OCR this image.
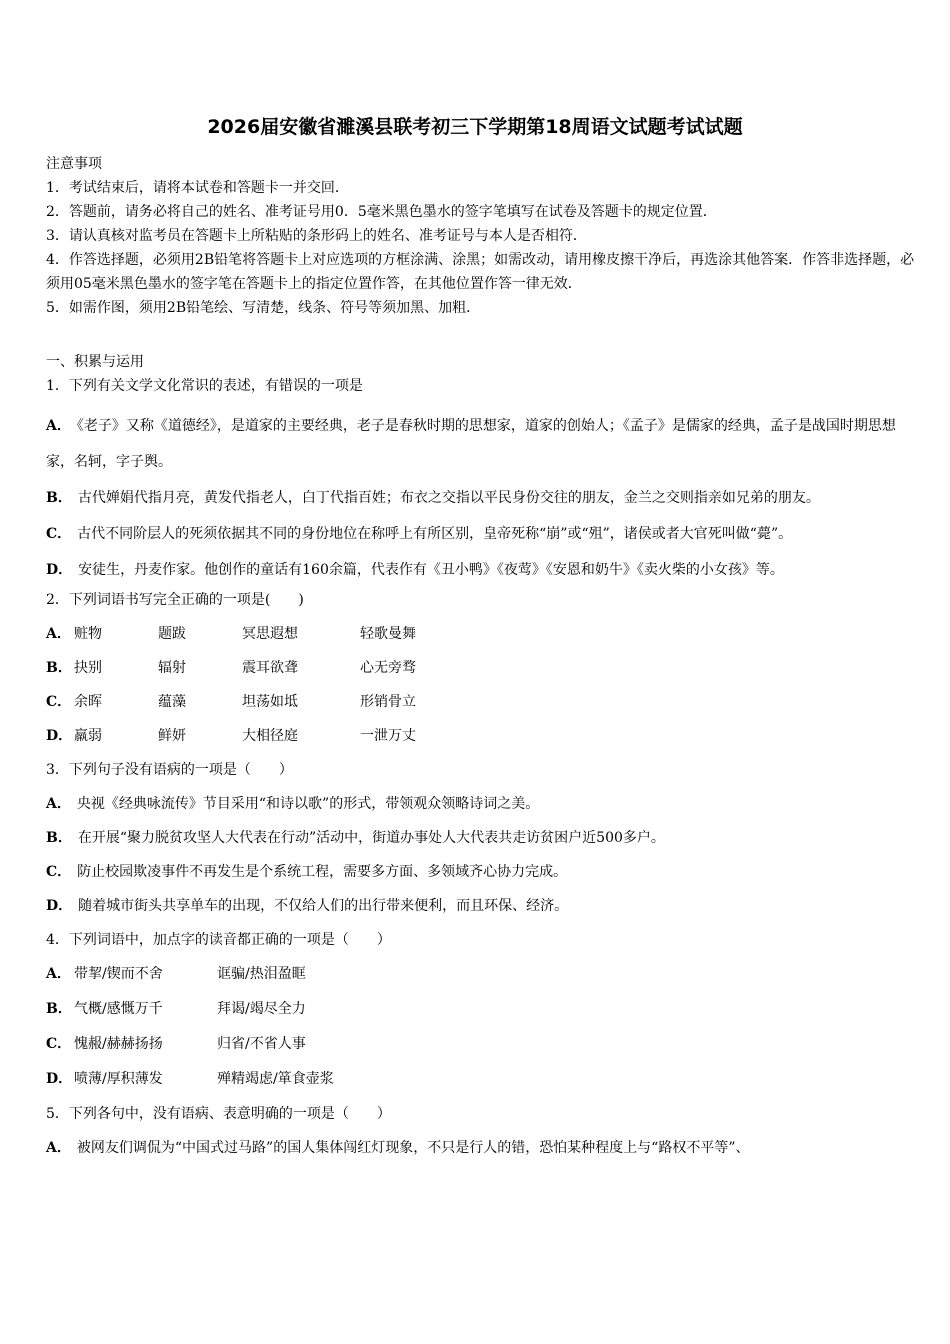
2026届安徽省濉溪县联考初三下学期第18周语文试题考试试题

注意事项

1．考试结束后，请将本试卷和答题卡一并交回．

2．答题前，请务必将自己的姓名、准考证号用0．5毫米黑色墨水的签字笔填写在试卷及答题卡的规定位置．

3．请认真核对监考员在答题卡上所粘贴的条形码上的姓名、准考证号与本人是否相符．

4．作答选择题，必须用2B铅笔将答题卡上对应选项的方框涂满、涂黑；如需改动，请用橡皮擦干净后，再选涂其他答案．作答非选择题，必须用05毫米黑色墨水的签字笔在答题卡上的指定位置作答，在其他位置作答一律无效．

5．如需作图，须用2B铅笔绘、写清楚，线条、符号等须加黑、加粗．

一、积累与运用

1．下列有关文学文化常识的表述，有错误的一项是

A． 《老子》又称《道德经》，是道家的主要经典，老子是春秋时期的思想家，道家的创始人；《孟子》是儒家的经典，孟子是战国时期思想家，名轲，字子舆。

B． 古代婵娟代指月亮，黄发代指老人，白丁代指百姓；布衣之交指以平民身份交往的朋友，金兰之交则指亲如兄弟的朋友。

C． 古代不同阶层人的死须依据其不同的身份地位在称呼上有所区别，皇帝死称“崩”或“殂”，诸侯或者大官死叫做“薨”。

D． 安徒生，丹麦作家。他创作的童话有160余篇，代表作有《丑小鸭》《夜莺》《安恩和奶牛》《卖火柴的小女孩》等。

2．下列词语书写完全正确的一项是(　　)

A． 赃物	题跋	冥思遐想	轻歌曼舞
B． 抉别	辐射	震耳欲聋	心无旁骛
C． 余晖	蕴藻	坦荡如坻	形销骨立
D． 羸弱	鲜妍	大相径庭	一泄万丈

3．下列句子没有语病的一项是（　　）

A． 央视《经典咏流传》节目采用“和诗以歌”的形式，带领观众领略诗词之美。

B． 在开展“聚力脱贫攻坚人大代表在行动”活动中，街道办事处人大代表共走访贫困户近500多户。

C． 防止校园欺凌事件不再发生是个系统工程，需要多方面、多领域齐心协力完成。

D． 随着城市街头共享单车的出现，不仅给人们的出行带来便利，而且环保、经济。

4．下列词语中，加点字的读音都正确的一项是（　　）

A． 带挈/锲而不舍	诓骗/热泪盈眶
B． 气概/感慨万千	拜谒/竭尽全力
C． 愧赧/赫赫扬扬	归省/不省人事
D． 喷薄/厚积薄发	殚精竭虑/箪食壶浆

5．下列各句中，没有语病、表意明确的一项是（　　）

A． 被网友们调侃为“中国式过马路”的国人集体闯红灯现象，不只是行人的错，恐怕某种程度上与“路权不平等”、
